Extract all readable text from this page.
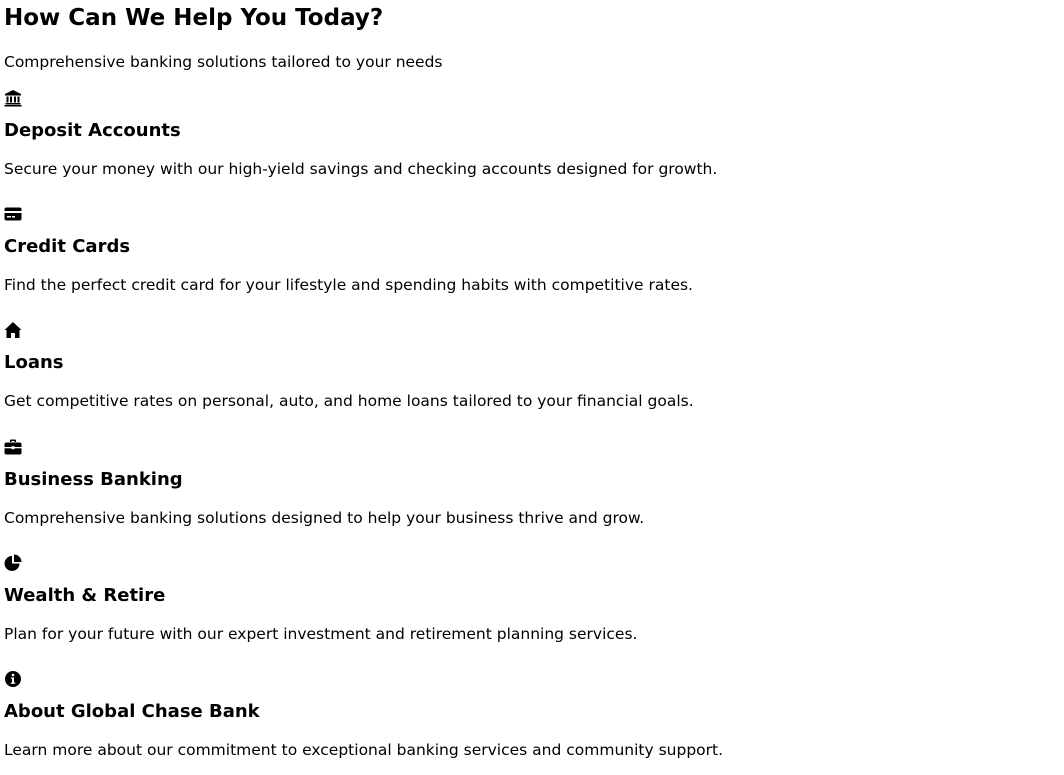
How Can We Help You Today?

Comprehensive banking solutions tailored to your needs

Deposit Accounts

Secure your money with our high-yield savings and checking accounts designed for growth.

Credit Cards

Find the perfect credit card for your lifestyle and spending habits with competitive rates.

Loans

Get competitive rates on personal, auto, and home loans tailored to your financial goals.

Business Banking

Comprehensive banking solutions designed to help your business thrive and grow.

Wealth & Retire

Plan for your future with our expert investment and retirement planning services.

About Global Chase Bank

Learn more about our commitment to exceptional banking services and community support.
